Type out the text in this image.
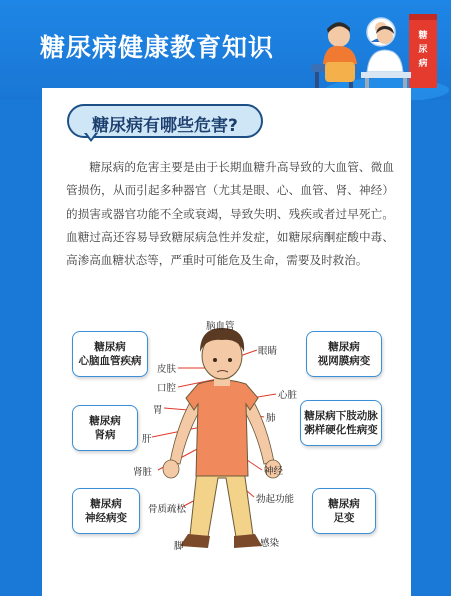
糖尿病健康教育知识	糖
尿
病
糖尿病有哪些危害?
糖尿病的危害主要是由于长期血糖升高导致的大血管、微血管损伤，从而引起多种器官（尤其是眼、心、血管、肾、神经）的损害或器官功能不全或衰竭，导致失明、残疾或者过早死亡。血糖过高还容易导致糖尿病急性并发症，如糖尿病酮症酸中毒、高渗高血糖状态等，严重时可能危及生命，需要及时救治。
脑血管
眼睛
皮肤
口腔
心脏
胃
肺
肝
肾脏	神经
骨质疏松
勃起功能
脚	感染
糖尿病
心脑血管疾病
糖尿病
视网膜病变
糖尿病
肾病
糖尿病下肢动脉
粥样硬化性病变
糖尿病
神经病变
糖尿病
足变
